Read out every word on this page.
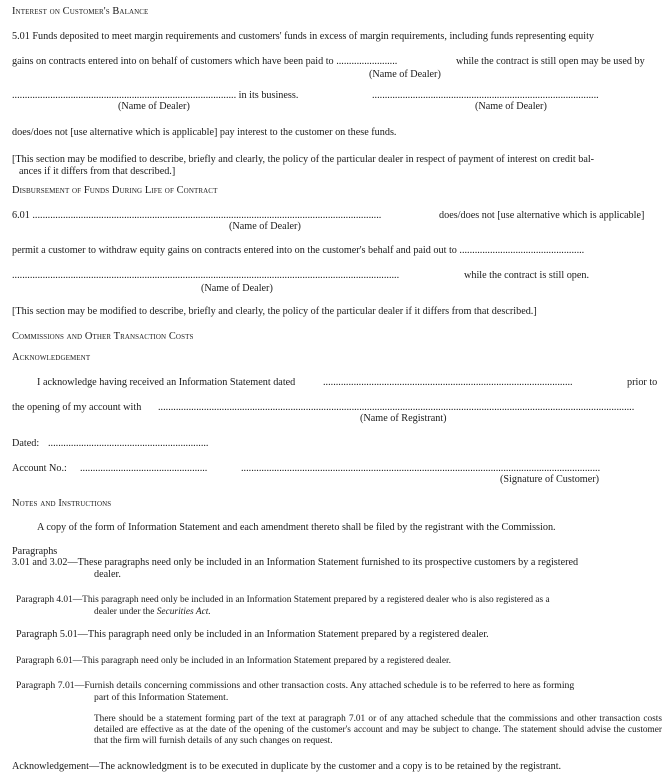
Interest on Customer's Balance
5.01 Funds deposited to meet margin requirements and customers' funds in excess of margin requirements, including funds representing equity
gains on contracts entered into on behalf of customers which have been paid to ........................	while the contract is still open may be used by
(Name of Dealer)
........................................................................................ in its business.	.........................................................................................
(Name of Dealer)	(Name of Dealer)
does/does not [use alternative which is applicable] pay interest to the customer on these funds.
[This section may be modified to describe, briefly and clearly, the policy of the particular dealer in respect of payment of interest on credit bal-
ances if it differs from that described.]
Disbursement of Funds During Life of Contract
6.01 .........................................................................................................................................	does/does not [use alternative which is applicable]
(Name of Dealer)
permit a customer to withdraw equity gains on contracts entered into on the customer's behalf and paid out to .................................................
........................................................................................................................................................	while the contract is still open.
(Name of Dealer)
[This section may be modified to describe, briefly and clearly, the policy of the particular dealer if it differs from that described.]
Commissions and Other Transaction Costs
Acknowledgement
I acknowledge having received an Information Statement dated	..................................................................................................	prior to
the opening of my account with ...........................................................................................................................................................................................
(Name of Registrant)
Dated: ...............................................................
Account No.: ..................................................	.............................................................................................................................................
(Signature of Customer)
Notes and Instructions
A copy of the form of Information Statement and each amendment thereto shall be filed by the registrant with the Commission.
Paragraphs
3.01 and 3.02—These paragraphs need only be included in an Information Statement furnished to its prospective customers by a registered
dealer.
Paragraph 4.01—This paragraph need only be included in an Information Statement prepared by a registered dealer who is also registered as a
dealer under the Securities Act.
Paragraph 5.01—This paragraph need only be included in an Information Statement prepared by a registered dealer.
Paragraph 6.01—This paragraph need only be included in an Information Statement prepared by a registered dealer.
Paragraph 7.01—Furnish details concerning commissions and other transaction costs. Any attached schedule is to be referred to here as forming
part of this Information Statement.
There should be a statement forming part of the text at paragraph 7.01 or of any attached schedule that the commissions and other transaction costs detailed are effective as at the date of the opening of the customer's account and may be subject to change. The statement should advise the customer that the firm will furnish details of any such changes on request.
Acknowledgement—The acknowledgment is to be executed in duplicate by the customer and a copy is to be retained by the registrant.
